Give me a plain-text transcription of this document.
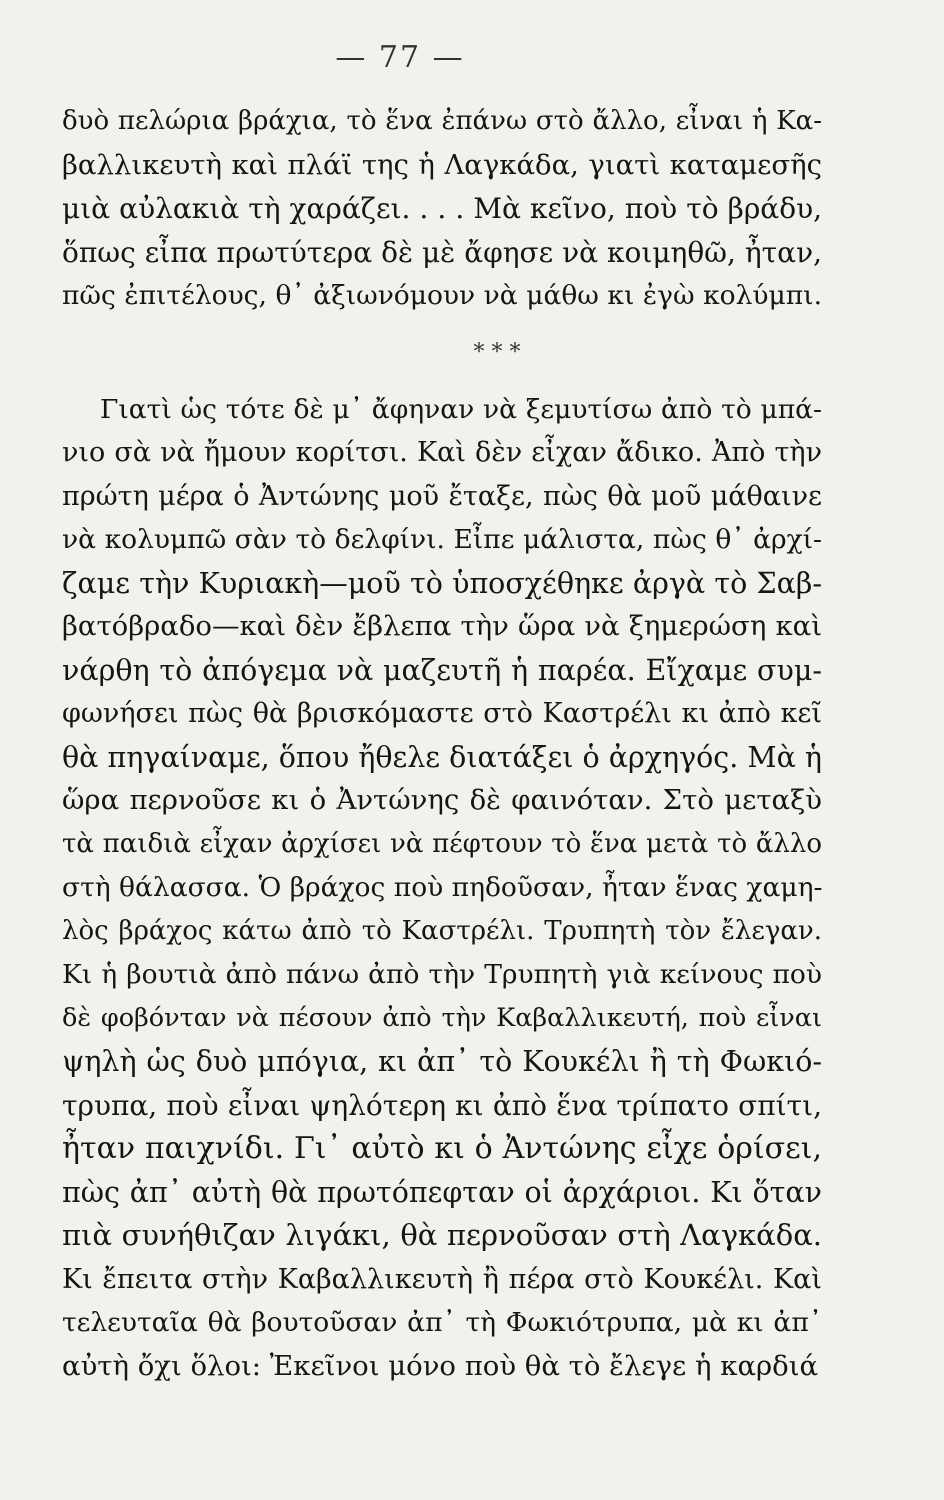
— 77 —
δυὸ πελώρια βράχια, τὸ ἕνα ἐπάνω στὸ ἄλλο, εἶναι ἡ Κα-
βαλλικευτὴ καὶ πλάϊ της ἡ Λαγκάδα, γιατὶ καταμεσῆς
μιὰ αὐλακιὰ τὴ χαράζει. . . . Μὰ κεῖνο, ποὺ τὸ βράδυ,
ὅπως εἶπα πρωτύτερα δὲ μὲ ἄφησε νὰ κοιμηθῶ, ἦταν,
πῶς ἐπιτέλους, θ᾿ ἀξιωνόμουν νὰ μάθω κι ἐγὼ κολύμπι.
* * *
Γιατὶ ὡς τότε δὲ μ᾿ ἄφηναν νὰ ξεμυτίσω ἀπὸ τὸ μπά-
νιο σὰ νὰ ἤμουν κορίτσι. Καὶ δὲν εἶχαν ἄδικο. Ἀπὸ τὴν
πρώτη μέρα ὁ Ἀντώνης μοῦ ἔταξε, πὼς θὰ μοῦ μάθαινε
νὰ κολυμπῶ σὰν τὸ δελφίνι. Εἶπε μάλιστα, πὼς θ᾿ ἀρχί-
ζαμε τὴν Κυριακὴ—μοῦ τὸ ὑποσχέθηκε ἀργὰ τὸ Σαβ-
βατόβραδο—καὶ δὲν ἔβλεπα τὴν ὥρα νὰ ξημερώση καὶ
νάρθη τὸ ἀπόγεμα νὰ μαζευτῆ ἡ παρέα. Εἴχαμε συμ-
φωνήσει πὼς θὰ βρισκόμαστε στὸ Καστρέλι κι ἀπὸ κεῖ
θὰ πηγαίναμε, ὅπου ἤθελε διατάξει ὁ ἀρχηγός. Μὰ ἡ
ὥρα περνοῦσε κι ὁ Ἀντώνης δὲ φαινόταν. Στὸ μεταξὺ
τὰ παιδιὰ εἶχαν ἀρχίσει νὰ πέφτουν τὸ ἕνα μετὰ τὸ ἄλλο
στὴ θάλασσα. Ὁ βράχος ποὺ πηδοῦσαν, ἦταν ἕνας χαμη-
λὸς βράχος κάτω ἀπὸ τὸ Καστρέλι. Τρυπητὴ τὸν ἔλεγαν.
Κι ἡ βουτιὰ ἀπὸ πάνω ἀπὸ τὴν Τρυπητὴ γιὰ κείνους ποὺ
δὲ φοβόνταν νὰ πέσουν ἀπὸ τὴν Καβαλλικευτή, ποὺ εἶναι
ψηλὴ ὡς δυὸ μπόγια, κι ἀπ᾿ τὸ Κουκέλι ἢ τὴ Φωκιό-
τρυπα, ποὺ εἶναι ψηλότερη κι ἀπὸ ἕνα τρίπατο σπίτι,
ἦταν παιχνίδι. Γι᾿ αὐτὸ κι ὁ Ἀντώνης εἶχε ὁρίσει,
πὼς ἀπ᾿ αὐτὴ θὰ πρωτόπεφταν οἱ ἀρχάριοι. Κι ὅταν
πιὰ συνήθιζαν λιγάκι, θὰ περνοῦσαν στὴ Λαγκάδα.
Κι ἔπειτα στὴν Καβαλλικευτὴ ἢ πέρα στὸ Κουκέλι. Καὶ
τελευταῖα θὰ βουτοῦσαν ἀπ᾿ τὴ Φωκιότρυπα, μὰ κι ἀπ᾿
αὐτὴ ὄχι ὅλοι: Ἐκεῖνοι μόνο ποὺ θὰ τὸ ἔλεγε ἡ καρδιά
